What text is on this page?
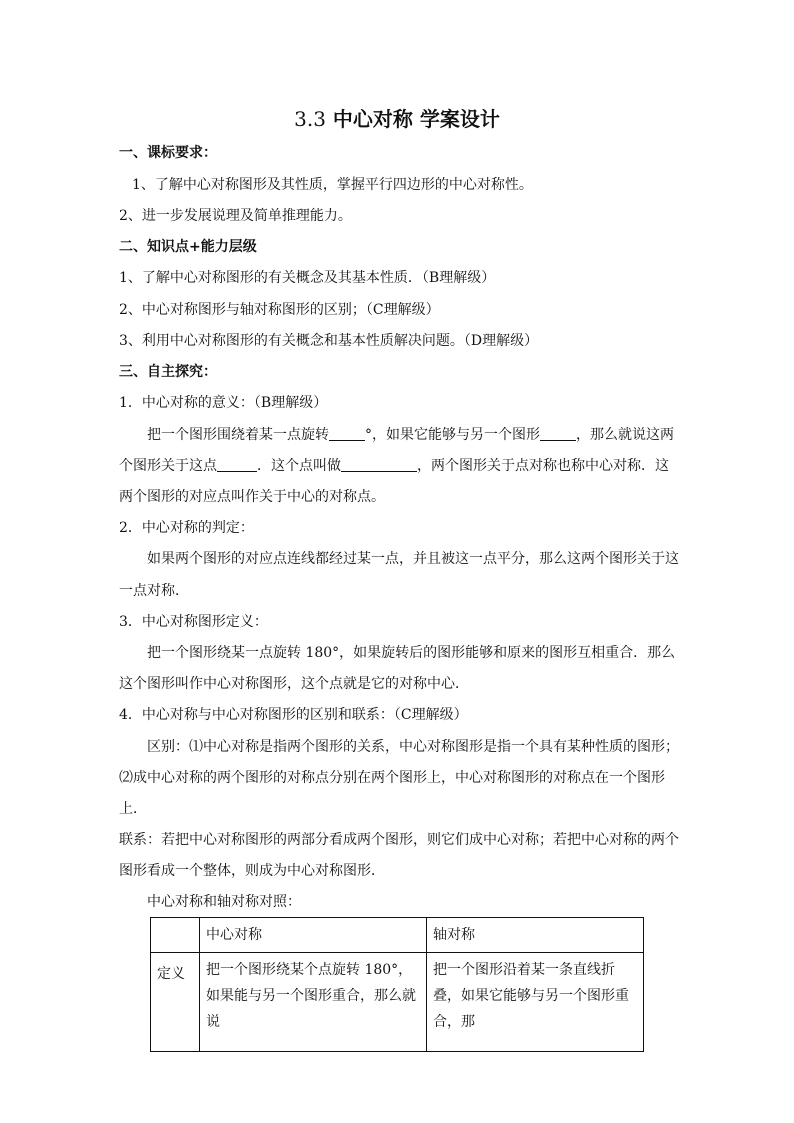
3.3 中心对称 学案设计
一、课标要求：
1、了解中心对称图形及其性质，掌握平行四边形的中心对称性。
2、进一步发展说理及简单推理能力。
二、知识点+能力层级
1、了解中心对称图形的有关概念及其基本性质．（B理解级）
2、中心对称图形与轴对称图形的区别；（C理解级）
3、利用中心对称图形的有关概念和基本性质解决问题。（D理解级）
三、自主探究：
1．中心对称的意义：（B理解级）
把一个图形围绕着某一点旋转	°，如果它能够与另一个图形	，那么就说这两
个图形关于这点	．这个点叫做	，两个图形关于点对称也称中心对称．这
两个图形的对应点叫作关于中心的对称点。
2．中心对称的判定：
如果两个图形的对应点连线都经过某一点，并且被这一点平分，那么这两个图形关于这
一点对称．
3．中心对称图形定义：
把一个图形绕某一点旋转 180°，如果旋转后的图形能够和原来的图形互相重合．那么
这个图形叫作中心对称图形，这个点就是它的对称中心．
4．中心对称与中心对称图形的区别和联系：（C理解级）
区别：⑴中心对称是指两个图形的关系，中心对称图形是指一个具有某种性质的图形；
⑵成中心对称的两个图形的对称点分别在两个图形上，中心对称图形的对称点在一个图形
上．
联系：若把中心对称图形的两部分看成两个图形，则它们成中心对称；若把中心对称的两个
图形看成一个整体，则成为中心对称图形．
中心对称和轴对称对照：
	中心对称	轴对称
定义	把一个图形绕某个点旋转 180°，如果能与另一个图形重合，那么就说	把一个图形沿着某一条直线折叠，如果它能够与另一个图形重合，那
